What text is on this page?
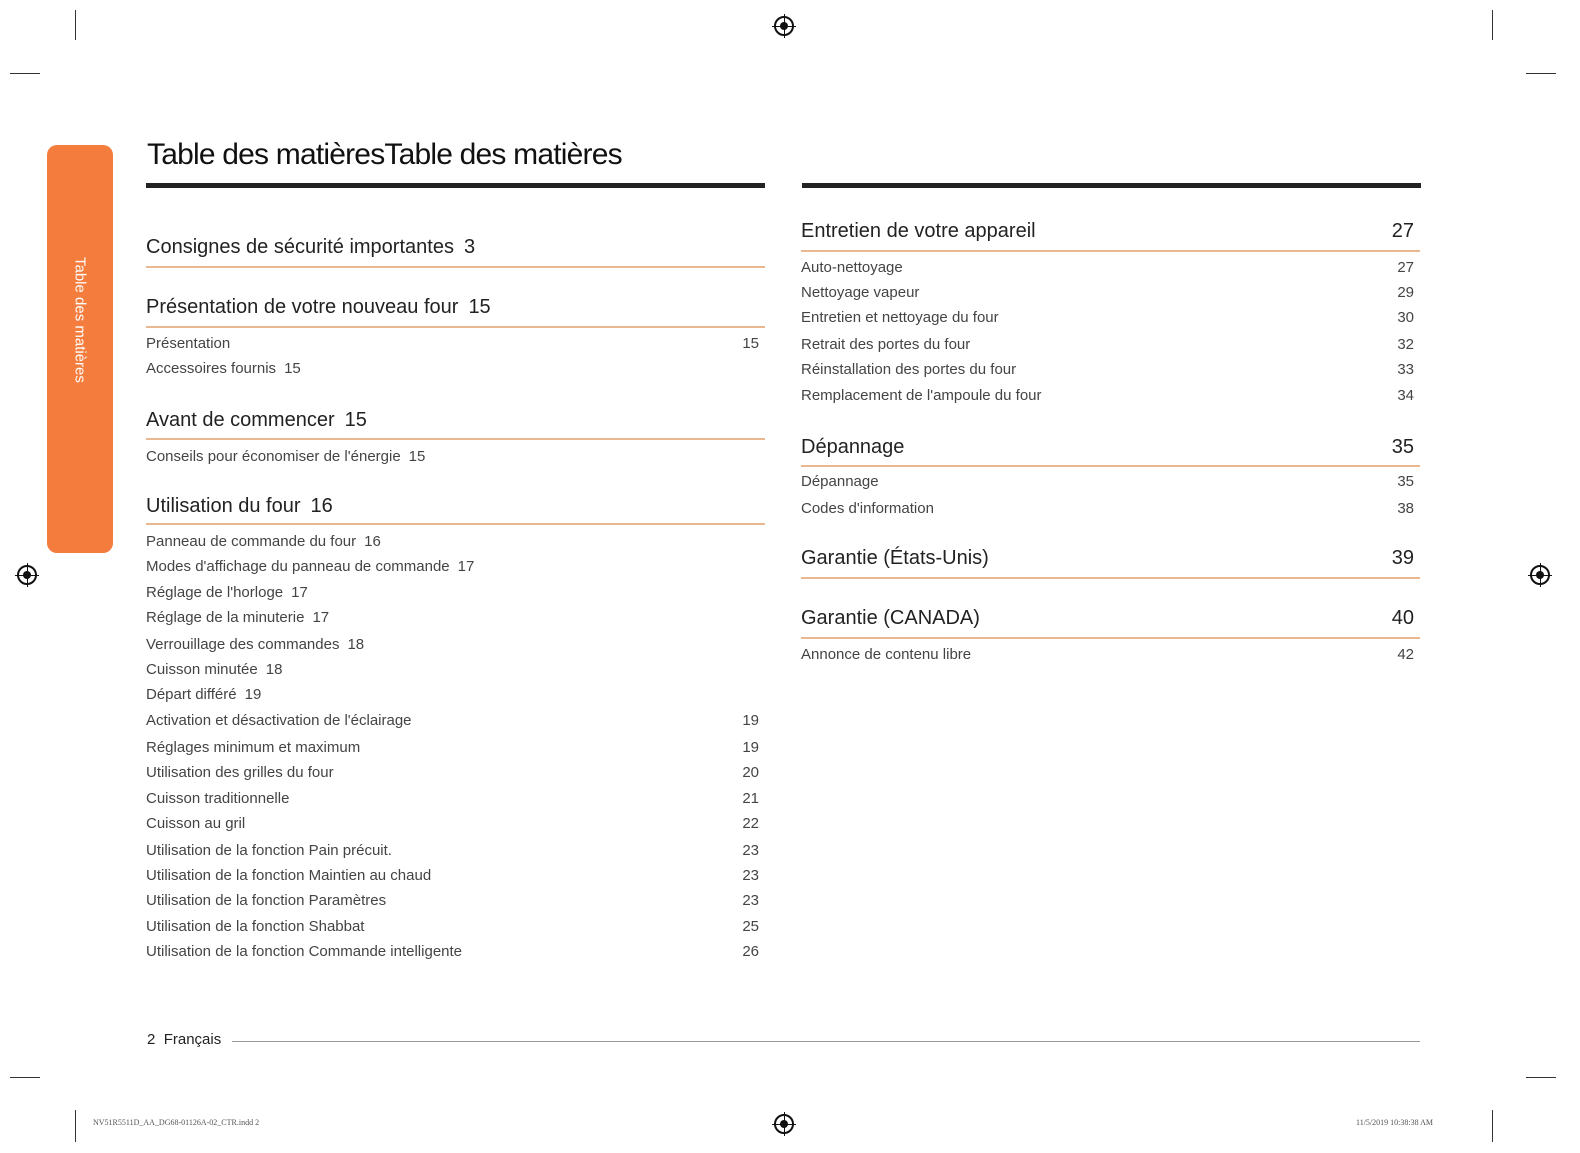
Table des matières
Table des matièresTable des matières
Consignes de sécurité importantes 3
Présentation de votre nouveau four 15
Présentation	15
Accessoires fournis 15
Avant de commencer 15
Conseils pour économiser de l'énergie 15
Utilisation du four 16
Panneau de commande du four 16
Modes d'affichage du panneau de commande 17
Réglage de l'horloge 17
Réglage de la minuterie 17
Verrouillage des commandes 18
Cuisson minutée 18
Départ différé 19
Activation et désactivation de l'éclairage	19
Réglages minimum et maximum	19
Utilisation des grilles du four	20
Cuisson traditionnelle	21
Cuisson au gril	22
Utilisation de la fonction Pain précuit.	23
Utilisation de la fonction Maintien au chaud	23
Utilisation de la fonction Paramètres	23
Utilisation de la fonction Shabbat	25
Utilisation de la fonction Commande intelligente	26
Entretien de votre appareil	27
Auto-nettoyage	27
Nettoyage vapeur	29
Entretien et nettoyage du four	30
Retrait des portes du four	32
Réinstallation des portes du four	33
Remplacement de l'ampoule du four	34
Dépannage	35
Dépannage	35
Codes d'information	38
Garantie (États-Unis)	39
Garantie (CANADA)	40
Annonce de contenu libre	42
2 Français
NV51R5511D_AA_DG68-01126A-02_CTR.indd 2	11/5/2019 10:38:38 AM
